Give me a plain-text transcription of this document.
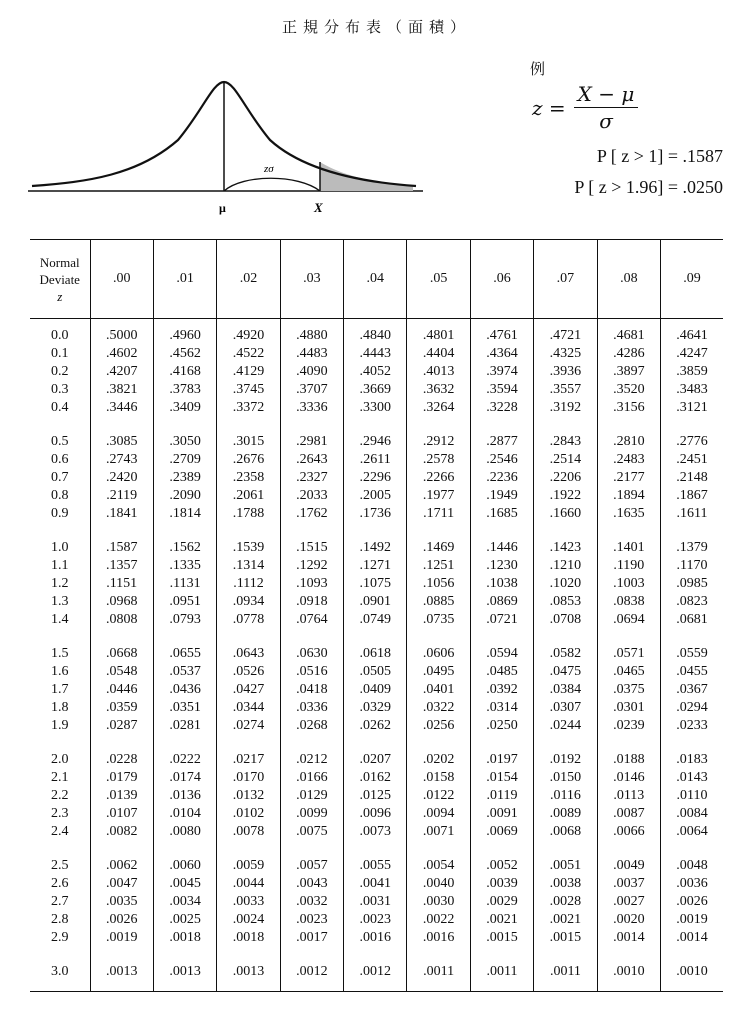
正規分布表（面積）
zσ
μ	X
例
$z = \frac{X - \mu}{\sigma}$
P [ z > 1] = .1587
P [ z > 1.96] = .0250
Normal
Deviate
z	.00	.01	.02	.03	.04	.05	.06	.07	.08	.09
0.0	.5000	.4960	.4920	.4880	.4840	.4801	.4761	.4721	.4681	.4641
0.1	.4602	.4562	.4522	.4483	.4443	.4404	.4364	.4325	.4286	.4247
0.2	.4207	.4168	.4129	.4090	.4052	.4013	.3974	.3936	.3897	.3859
0.3	.3821	.3783	.3745	.3707	.3669	.3632	.3594	.3557	.3520	.3483
0.4	.3446	.3409	.3372	.3336	.3300	.3264	.3228	.3192	.3156	.3121
0.5	.3085	.3050	.3015	.2981	.2946	.2912	.2877	.2843	.2810	.2776
0.6	.2743	.2709	.2676	.2643	.2611	.2578	.2546	.2514	.2483	.2451
0.7	.2420	.2389	.2358	.2327	.2296	.2266	.2236	.2206	.2177	.2148
0.8	.2119	.2090	.2061	.2033	.2005	.1977	.1949	.1922	.1894	.1867
0.9	.1841	.1814	.1788	.1762	.1736	.1711	.1685	.1660	.1635	.1611
1.0	.1587	.1562	.1539	.1515	.1492	.1469	.1446	.1423	.1401	.1379
1.1	.1357	.1335	.1314	.1292	.1271	.1251	.1230	.1210	.1190	.1170
1.2	.1151	.1131	.1112	.1093	.1075	.1056	.1038	.1020	.1003	.0985
1.3	.0968	.0951	.0934	.0918	.0901	.0885	.0869	.0853	.0838	.0823
1.4	.0808	.0793	.0778	.0764	.0749	.0735	.0721	.0708	.0694	.0681
1.5	.0668	.0655	.0643	.0630	.0618	.0606	.0594	.0582	.0571	.0559
1.6	.0548	.0537	.0526	.0516	.0505	.0495	.0485	.0475	.0465	.0455
1.7	.0446	.0436	.0427	.0418	.0409	.0401	.0392	.0384	.0375	.0367
1.8	.0359	.0351	.0344	.0336	.0329	.0322	.0314	.0307	.0301	.0294
1.9	.0287	.0281	.0274	.0268	.0262	.0256	.0250	.0244	.0239	.0233
2.0	.0228	.0222	.0217	.0212	.0207	.0202	.0197	.0192	.0188	.0183
2.1	.0179	.0174	.0170	.0166	.0162	.0158	.0154	.0150	.0146	.0143
2.2	.0139	.0136	.0132	.0129	.0125	.0122	.0119	.0116	.0113	.0110
2.3	.0107	.0104	.0102	.0099	.0096	.0094	.0091	.0089	.0087	.0084
2.4	.0082	.0080	.0078	.0075	.0073	.0071	.0069	.0068	.0066	.0064
2.5	.0062	.0060	.0059	.0057	.0055	.0054	.0052	.0051	.0049	.0048
2.6	.0047	.0045	.0044	.0043	.0041	.0040	.0039	.0038	.0037	.0036
2.7	.0035	.0034	.0033	.0032	.0031	.0030	.0029	.0028	.0027	.0026
2.8	.0026	.0025	.0024	.0023	.0023	.0022	.0021	.0021	.0020	.0019
2.9	.0019	.0018	.0018	.0017	.0016	.0016	.0015	.0015	.0014	.0014
3.0	.0013	.0013	.0013	.0012	.0012	.0011	.0011	.0011	.0010	.0010
